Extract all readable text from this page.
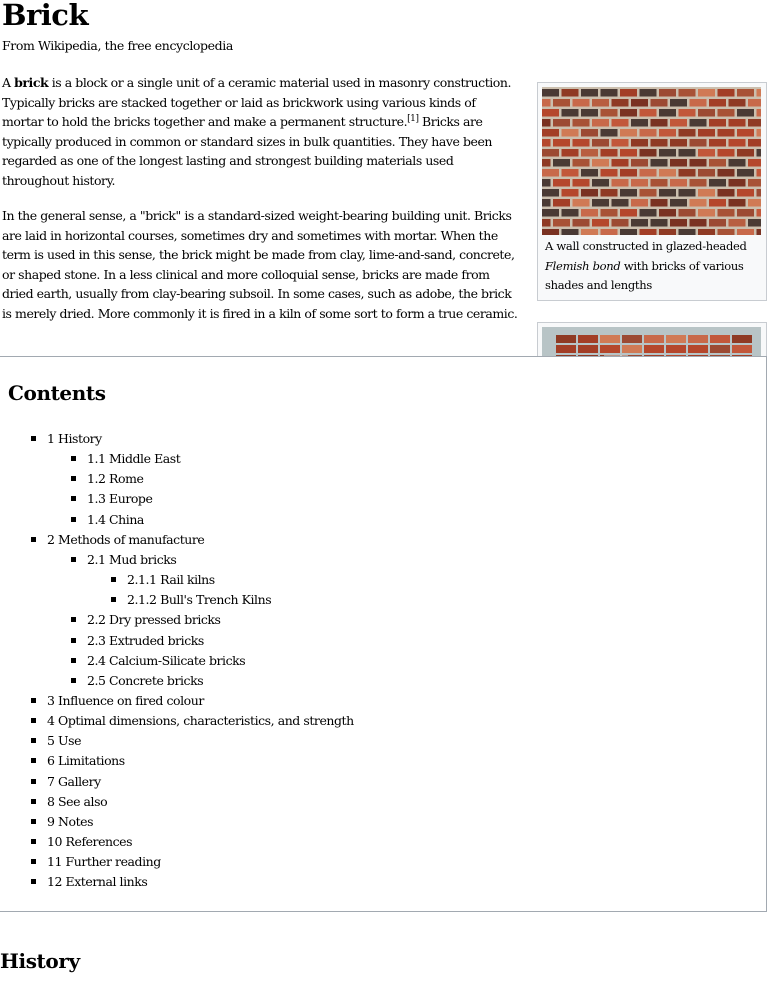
Brick
From Wikipedia, the free encyclopedia

A brick is a block or a single unit of a ceramic material used in masonry construction. Typically bricks are stacked together or laid as brickwork using various kinds of mortar to hold the bricks together and make a permanent structure.[1] Bricks are typically produced in common or standard sizes in bulk quantities. They have been regarded as one of the longest lasting and strongest building materials used throughout history.

In the general sense, a "brick" is a standard-sized weight-bearing building unit. Bricks are laid in horizontal courses, sometimes dry and sometimes with mortar. When the term is used in this sense, the brick might be made from clay, lime-and-sand, concrete, or shaped stone. In a less clinical and more colloquial sense, bricks are made from dried earth, usually from clay-bearing subsoil. In some cases, such as adobe, the brick is merely dried. More commonly it is fired in a kiln of some sort to form a true ceramic.

A wall constructed in glazed-headed Flemish bond with bricks of various shades and lengths
Contents
1 History
1.1 Middle East
1.2 Rome
1.3 Europe
1.4 China
2 Methods of manufacture
2.1 Mud bricks
2.1.1 Rail kilns
2.1.2 Bull's Trench Kilns
2.2 Dry pressed bricks
2.3 Extruded bricks
2.4 Calcium-Silicate bricks
2.5 Concrete bricks
3 Influence on fired colour
4 Optimal dimensions, characteristics, and strength
5 Use
6 Limitations
7 Gallery
8 See also
9 Notes
10 References
11 Further reading
12 External links
History
